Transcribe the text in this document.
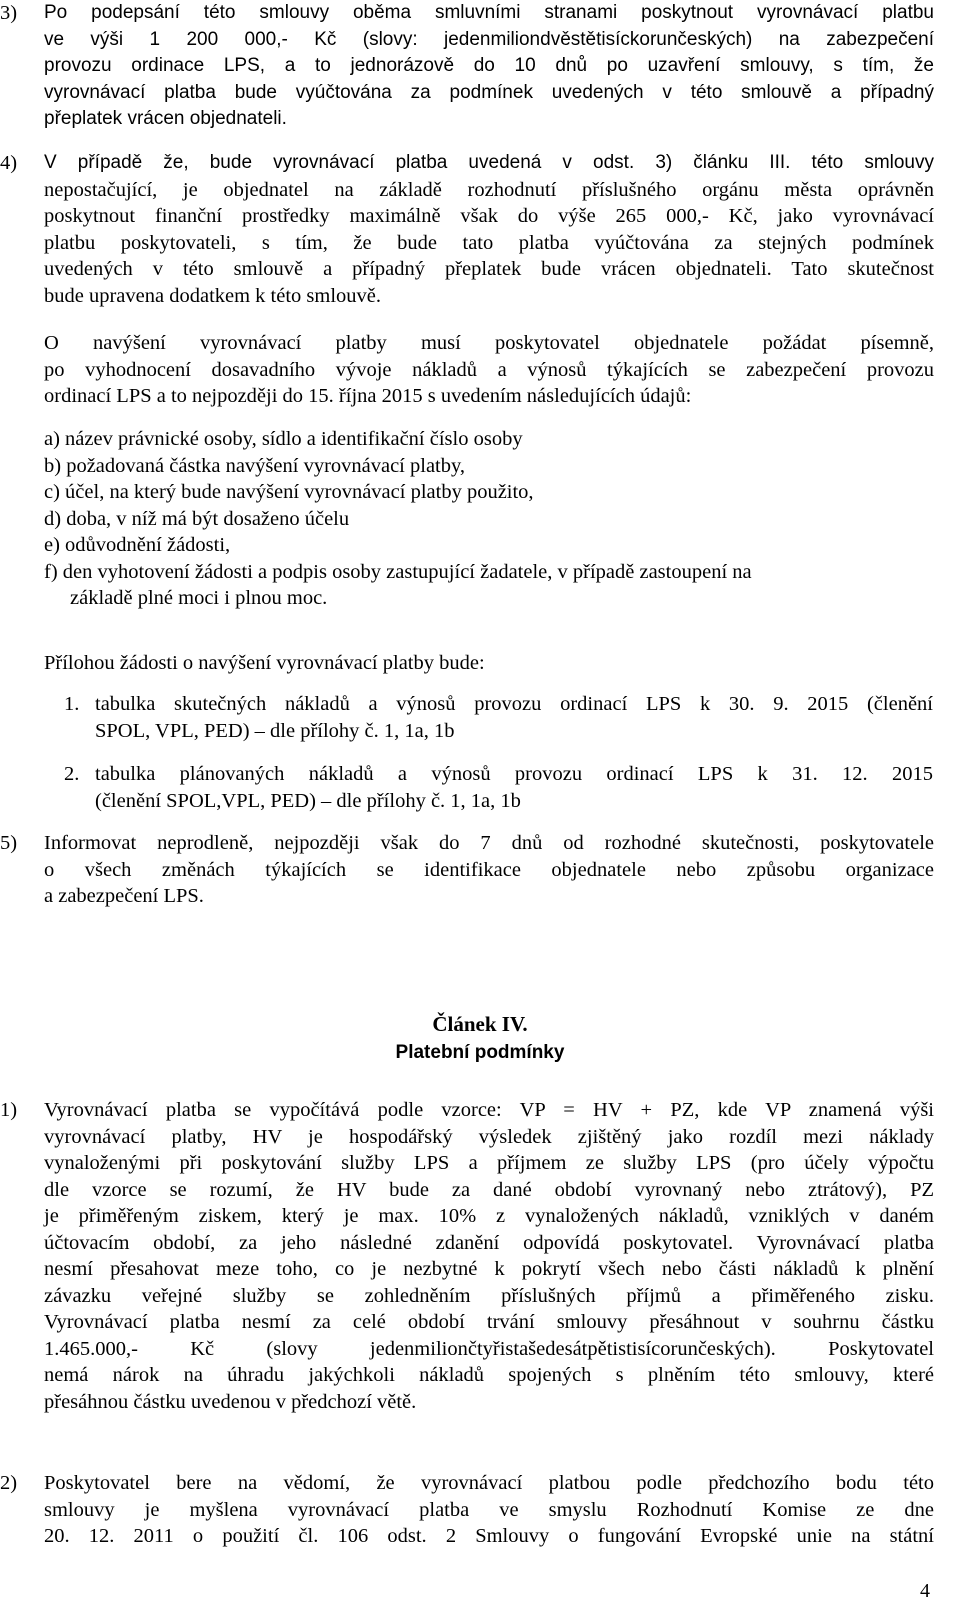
3)	Po podepsání této smlouvy oběma smluvními stranami poskytnout vyrovnávací platbu
ve výši 1 200 000,- Kč (slovy: jedenmiliondvěstětisíckorunčeských) na zabezpečení
provozu ordinace LPS, a to jednorázově do 10 dnů po uzavření smlouvy, s tím, že
vyrovnávací platba bude vyúčtována za podmínek uvedených v této smlouvě a případný
přeplatek vrácen objednateli.
4)	V případě že, bude vyrovnávací platba uvedená v odst. 3) článku III. této smlouvy
nepostačující, je objednatel na základě rozhodnutí příslušného orgánu města oprávněn
poskytnout finanční prostředky maximálně však do výše 265 000,- Kč, jako vyrovnávací
platbu poskytovateli, s tím, že bude tato platba vyúčtována za stejných podmínek
uvedených v této smlouvě a případný přeplatek bude vrácen objednateli. Tato skutečnost
bude upravena dodatkem k této smlouvě.
O navýšení vyrovnávací platby musí poskytovatel objednatele požádat písemně,
po vyhodnocení dosavadního vývoje nákladů a výnosů týkajících se zabezpečení provozu
ordinací LPS a to nejpozději do 15. října 2015 s uvedením následujících údajů:
a) název právnické osoby, sídlo a identifikační číslo osoby
b) požadovaná částka navýšení vyrovnávací platby,
c) účel, na který bude navýšení vyrovnávací platby použito,
d) doba, v níž má být dosaženo účelu
e) odůvodnění žádosti,
f) den vyhotovení žádosti a podpis osoby zastupující žadatele, v případě zastoupení na
základě plné moci i plnou moc.
Přílohou žádosti o navýšení vyrovnávací platby bude:
1. tabulka skutečných nákladů a výnosů provozu ordinací LPS k 30. 9. 2015 (členění
SPOL, VPL, PED) – dle přílohy č. 1, 1a, 1b
2. tabulka plánovaných nákladů a výnosů provozu ordinací LPS k 31. 12. 2015
(členění SPOL,VPL, PED) – dle přílohy č. 1, 1a, 1b
5)	Informovat neprodleně, nejpozději však do 7 dnů od rozhodné skutečnosti, poskytovatele
o všech změnách týkajících se identifikace objednatele nebo způsobu organizace
a zabezpečení LPS.
Článek IV.
Platební podmínky
1)	Vyrovnávací platba se vypočítává podle vzorce: VP = HV + PZ, kde VP znamená výši
vyrovnávací platby, HV je hospodářský výsledek zjištěný jako rozdíl mezi náklady
vynaloženými při poskytování služby LPS a příjmem ze služby LPS (pro účely výpočtu
dle vzorce se rozumí, že HV bude za dané období vyrovnaný nebo ztrátový), PZ
je přiměřeným ziskem, který je max. 10% z vynaložených nákladů, vzniklých v daném
účtovacím období, za jeho následné zdanění odpovídá poskytovatel. Vyrovnávací platba
nesmí přesahovat meze toho, co je nezbytné k pokrytí všech nebo části nákladů k plnění
závazku veřejné služby se zohledněním příslušných příjmů a přiměřeného zisku.
Vyrovnávací platba nesmí za celé období trvání smlouvy přesáhnout v souhrnu částku
1.465.000,- Kč (slovy jedenmiliončtyřistašedesátpětistisícorunčeských). Poskytovatel
nemá nárok na úhradu jakýchkoli nákladů spojených s plněním této smlouvy, které
přesáhnou částku uvedenou v předchozí větě.
2)	Poskytovatel bere na vědomí, že vyrovnávací platbou podle předchozího bodu této
smlouvy je myšlena vyrovnávací platba ve smyslu Rozhodnutí Komise ze dne
20. 12. 2011 o použití čl. 106 odst. 2 Smlouvy o fungování Evropské unie na státní
4
